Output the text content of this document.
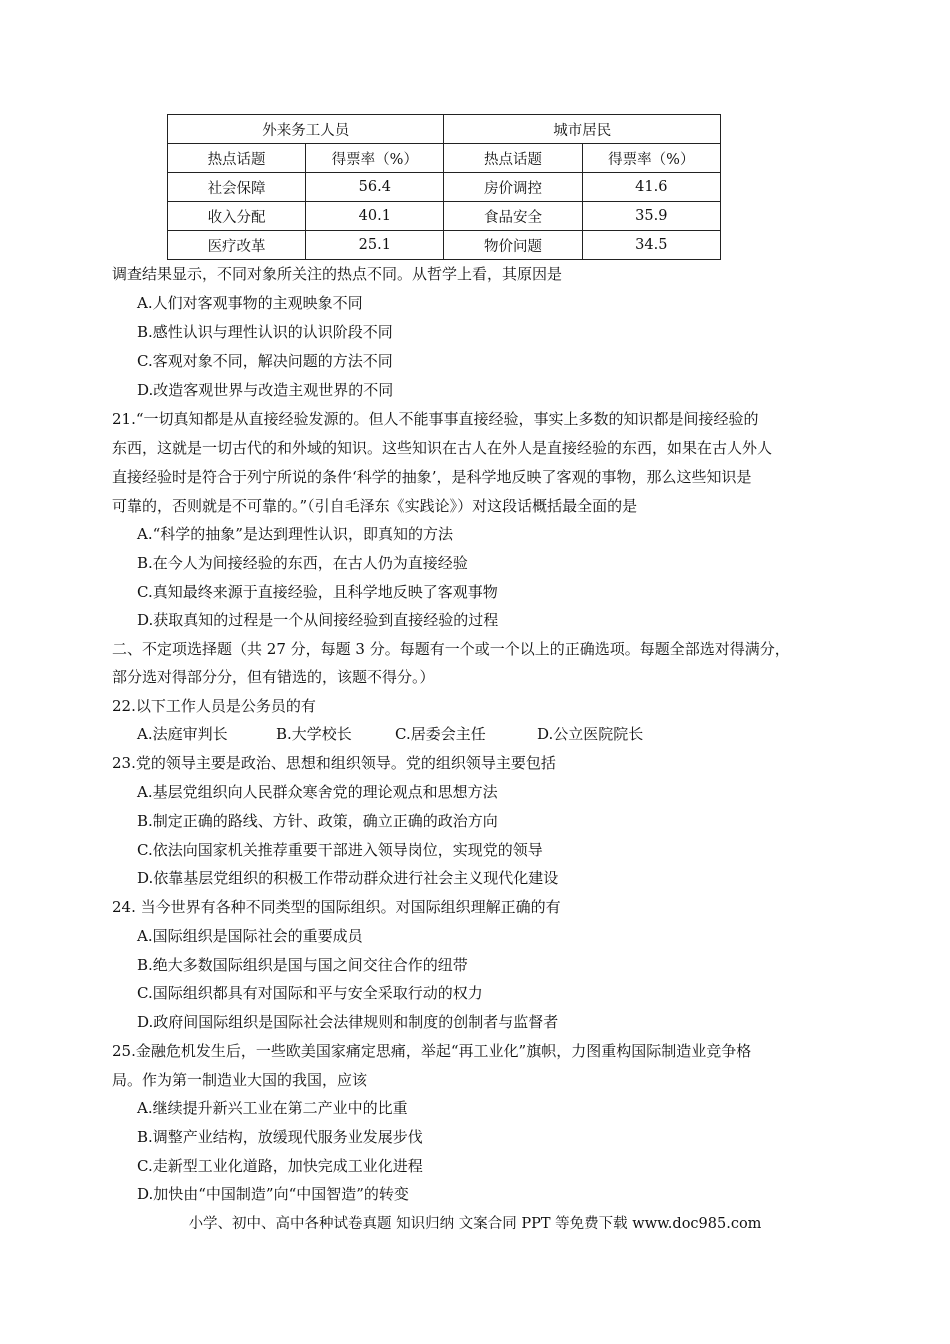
外来务工人员		城市居民	
热点话题	得票率（%）	热点话题	得票率（%）
社会保障	56.4	房价调控	41.6
收入分配	40.1	食品安全	35.9
医疗改革	25.1	物价问题	34.5
调查结果显示，不同对象所关注的热点不同。从哲学上看，其原因是
A.人们对客观事物的主观映象不同
B.感性认识与理性认识的认识阶段不同
C.客观对象不同，解决问题的方法不同
D.改造客观世界与改造主观世界的不同
21.“一切真知都是从直接经验发源的。但人不能事事直接经验，事实上多数的知识都是间接经验的
东西，这就是一切古代的和外域的知识。这些知识在古人在外人是直接经验的东西，如果在古人外人
直接经验时是符合于列宁所说的条件‘科学的抽象’，是科学地反映了客观的事物，那么这些知识是
可靠的，否则就是不可靠的。”（引自毛泽东《实践论》）对这段话概括最全面的是
A.“科学的抽象”是达到理性认识，即真知的方法
B.在今人为间接经验的东西，在古人仍为直接经验
C.真知最终来源于直接经验，且科学地反映了客观事物
D.获取真知的过程是一个从间接经验到直接经验的过程
二、不定项选择题（共 27 分，每题 3 分。每题有一个或一个以上的正确选项。每题全部选对得满分，
部分选对得部分分，但有错选的，该题不得分。）
22.以下工作人员是公务员的有
A.法庭审判长	B.大学校长	C.居委会主任	D.公立医院院长
23.党的领导主要是政治、思想和组织领导。党的组织领导主要包括
A.基层党组织向人民群众寒舍党的理论观点和思想方法
B.制定正确的路线、方针、政策，确立正确的政治方向
C.依法向国家机关推荐重要干部进入领导岗位，实现党的领导
D.依靠基层党组织的积极工作带动群众进行社会主义现代化建设
24. 当今世界有各种不同类型的国际组织。对国际组织理解正确的有
A.国际组织是国际社会的重要成员
B.绝大多数国际组织是国与国之间交往合作的纽带
C.国际组织都具有对国际和平与安全采取行动的权力
D.政府间国际组织是国际社会法律规则和制度的创制者与监督者
25.金融危机发生后，一些欧美国家痛定思痛，举起“再工业化”旗帜，力图重构国际制造业竞争格
局。作为第一制造业大国的我国，应该
A.继续提升新兴工业在第二产业中的比重
B.调整产业结构，放缓现代服务业发展步伐
C.走新型工业化道路，加快完成工业化进程
D.加快由“中国制造”向“中国智造”的转变
小学、初中、高中各种试卷真题 知识归纳 文案合同 PPT 等免费下载 www.doc985.com
